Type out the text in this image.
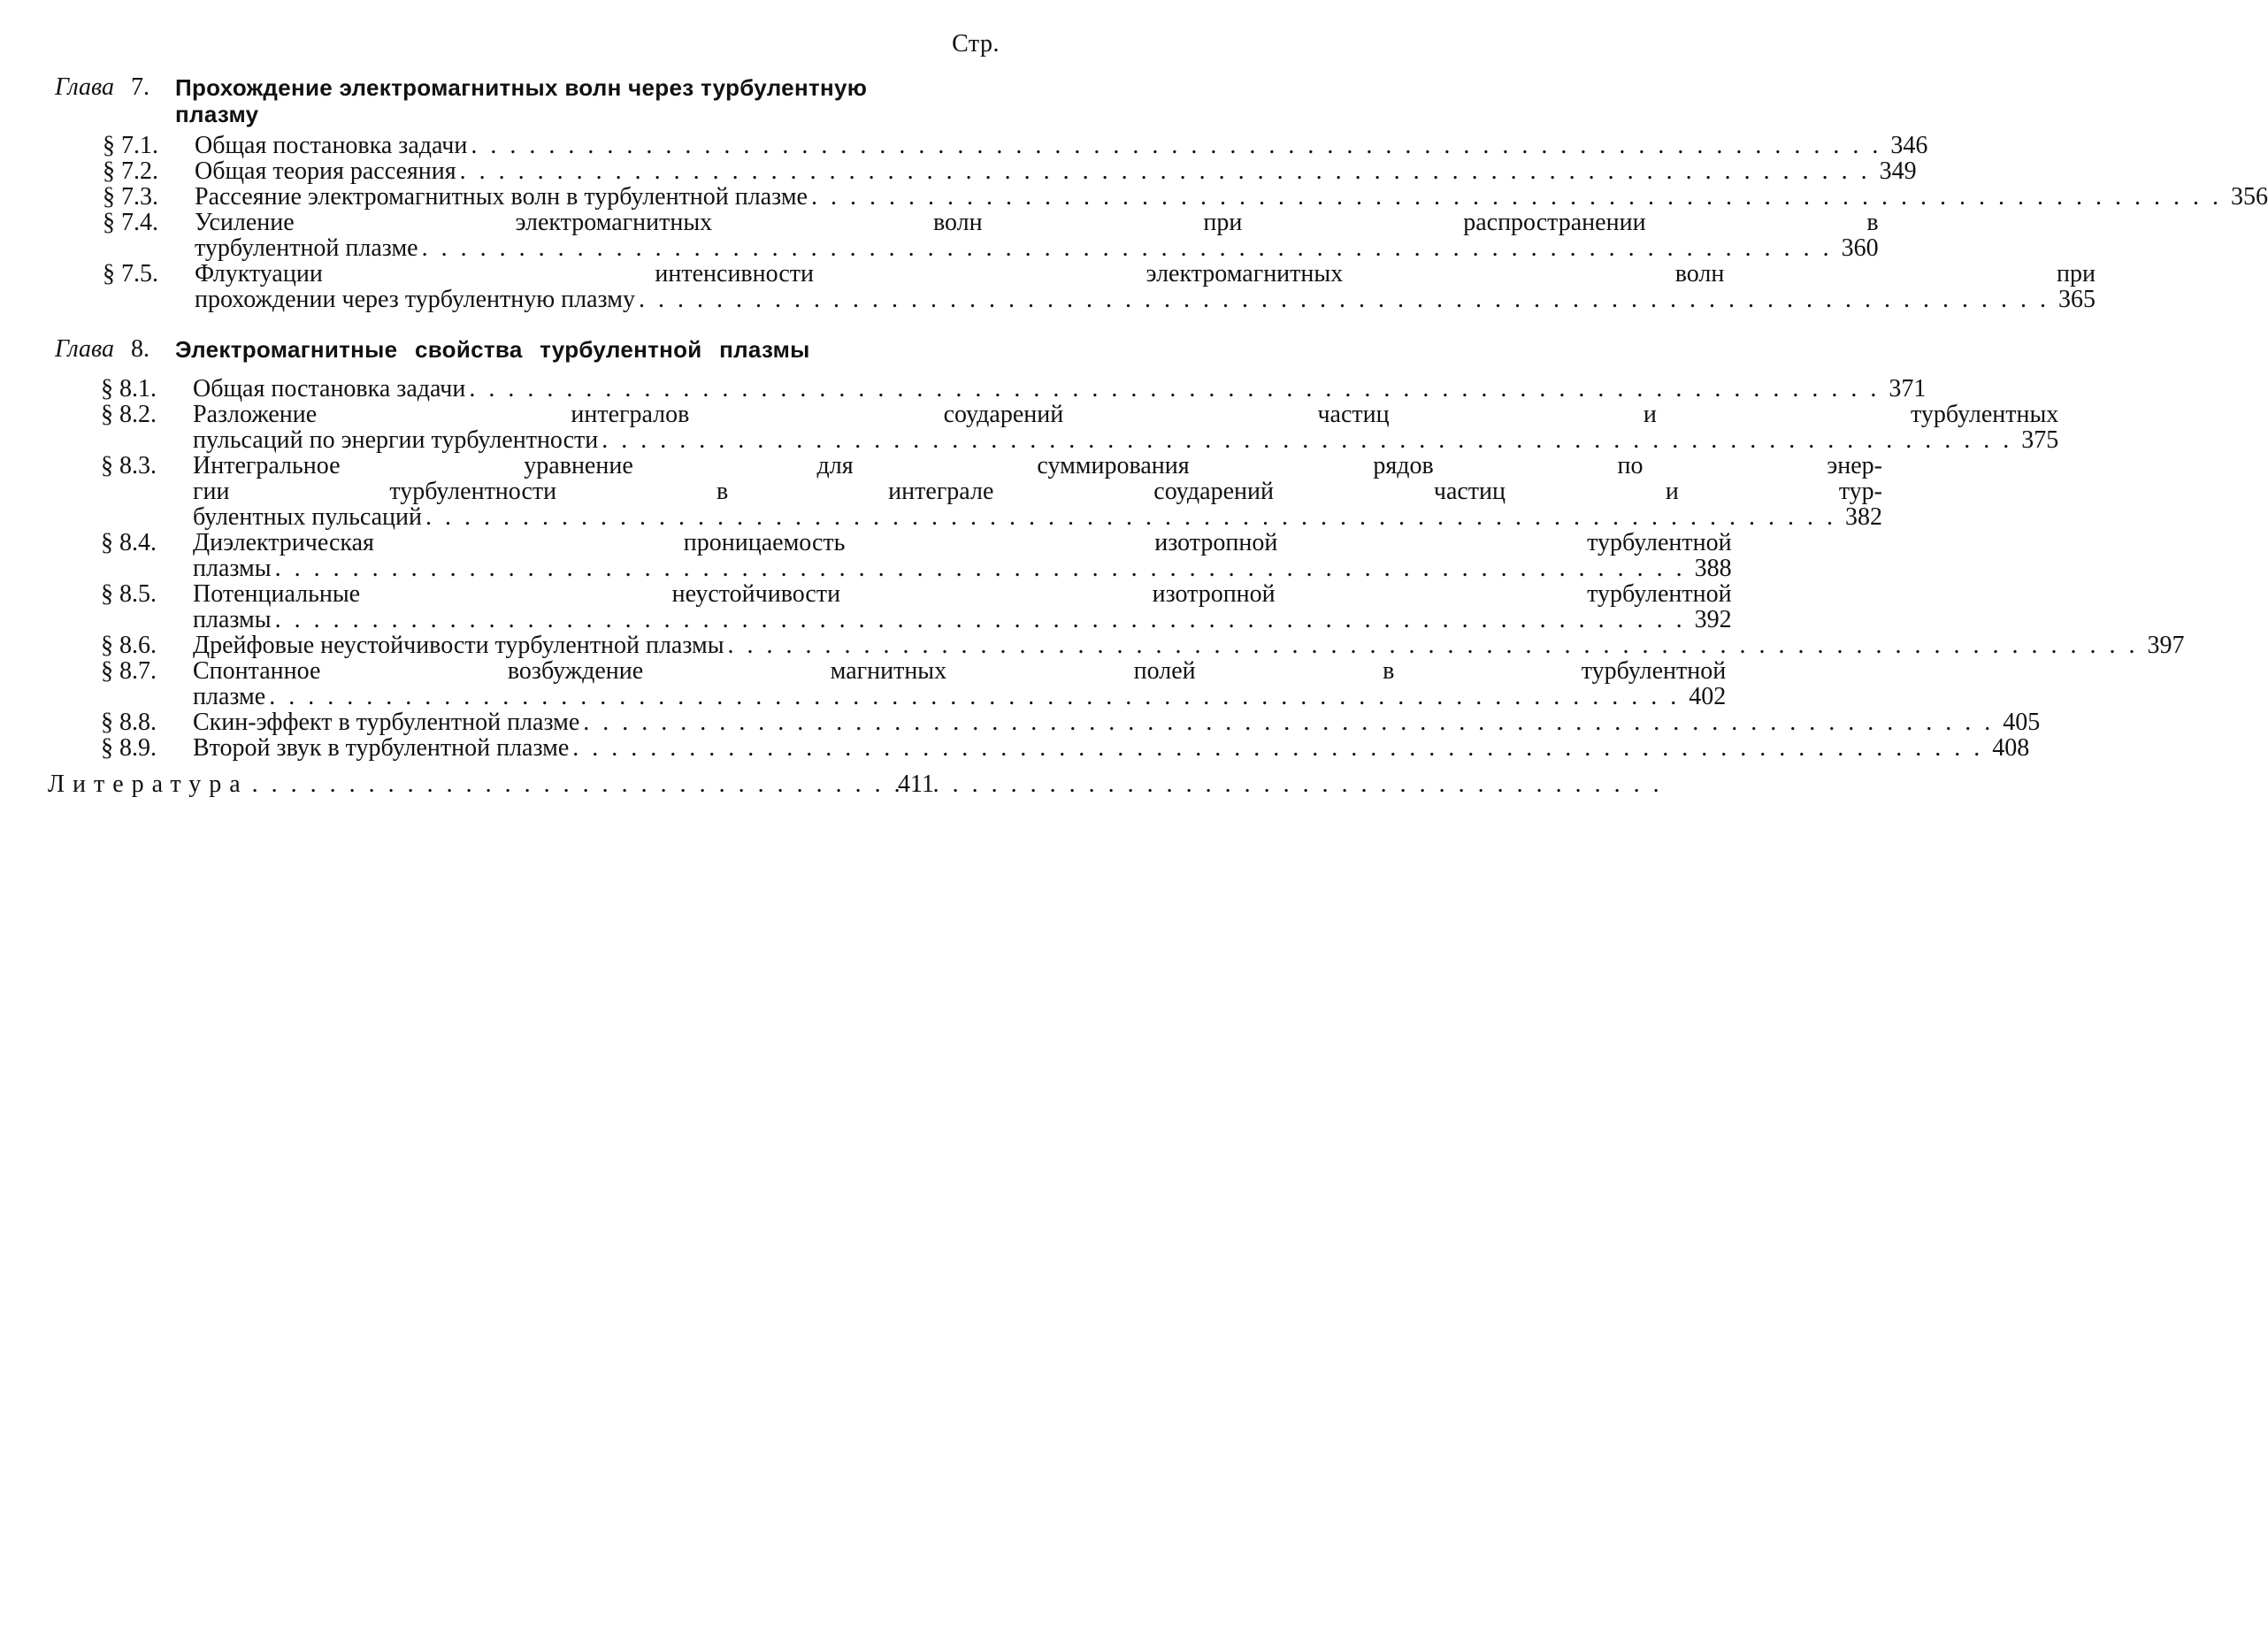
Стр.
Глава 7.	Прохождение электромагнитных волн через турбулентную плазму
§ 7.1.	Общая постановка задачи . . .	346
§ 7.2.	Общая теория рассеяния . . .	349
§ 7.3.	Рассеяние электромагнитных волн в турбулентной плазме . . .	356
§ 7.4.	Усиление электромагнитных волн при распространении в
турбулентной плазме . . .	360
§ 7.5.	Флуктуации интенсивности электромагнитных волн при
прохождении через турбулентную плазму . . .	365
Глава 8.	Электромагнитные свойства турбулентной плазмы
§ 8.1.	Общая постановка задачи . . .	371
§ 8.2.	Разложение интегралов соударений частиц и турбулентных
пульсаций по энергии турбулентности . . .	375
§ 8.3.	Интегральное уравнение для суммирования рядов по энер-
гии турбулентности в интеграле соударений частиц и тур-
булентных пульсаций . . .	382
§ 8.4.	Диэлектрическая проницаемость изотропной турбулентной
плазмы . . .	388
§ 8.5.	Потенциальные неустойчивости изотропной турбулентной
плазмы . . .	392
§ 8.6.	Дрейфовые неустойчивости турбулентной плазмы . . .	397
§ 8.7.	Спонтанное возбуждение магнитных полей в турбулентной
плазме . . .	402
§ 8.8.	Скин-эффект в турбулентной плазме . . .	405
§ 8.9.	Второй звук в турбулентной плазме . . .	408
Литература . . .	411
